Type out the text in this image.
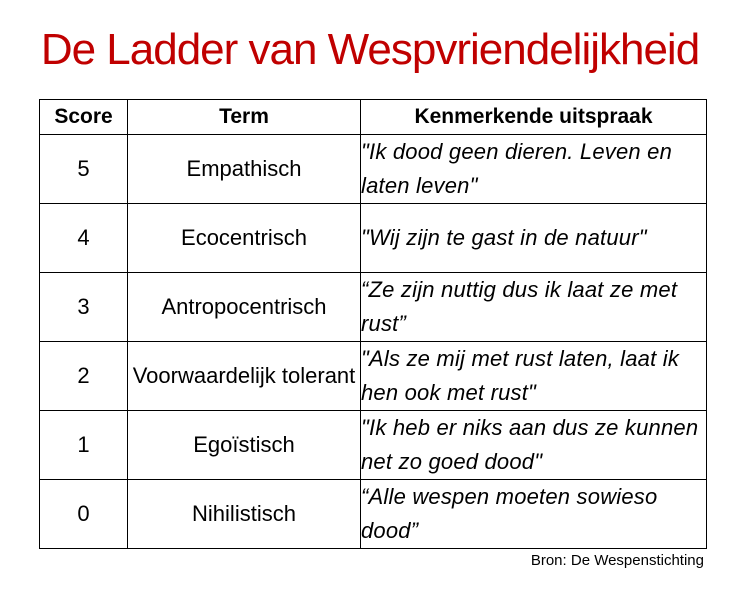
De Ladder van Wespvriendelijkheid
Score	Term	Kenmerkende uitspraak
5	Empathisch	"Ik dood geen dieren. Leven en laten leven"
4	Ecocentrisch	"Wij zijn te gast in de natuur"
3	Antropocentrisch	“Ze zijn nuttig dus ik laat ze met rust”
2	Voorwaardelijk tolerant	"Als ze mij met rust laten, laat ik hen ook met rust"
1	Egoïstisch	"Ik heb er niks aan dus ze kunnen net zo goed dood"
0	Nihilistisch	“Alle wespen moeten sowieso dood”
Bron: De Wespenstichting
